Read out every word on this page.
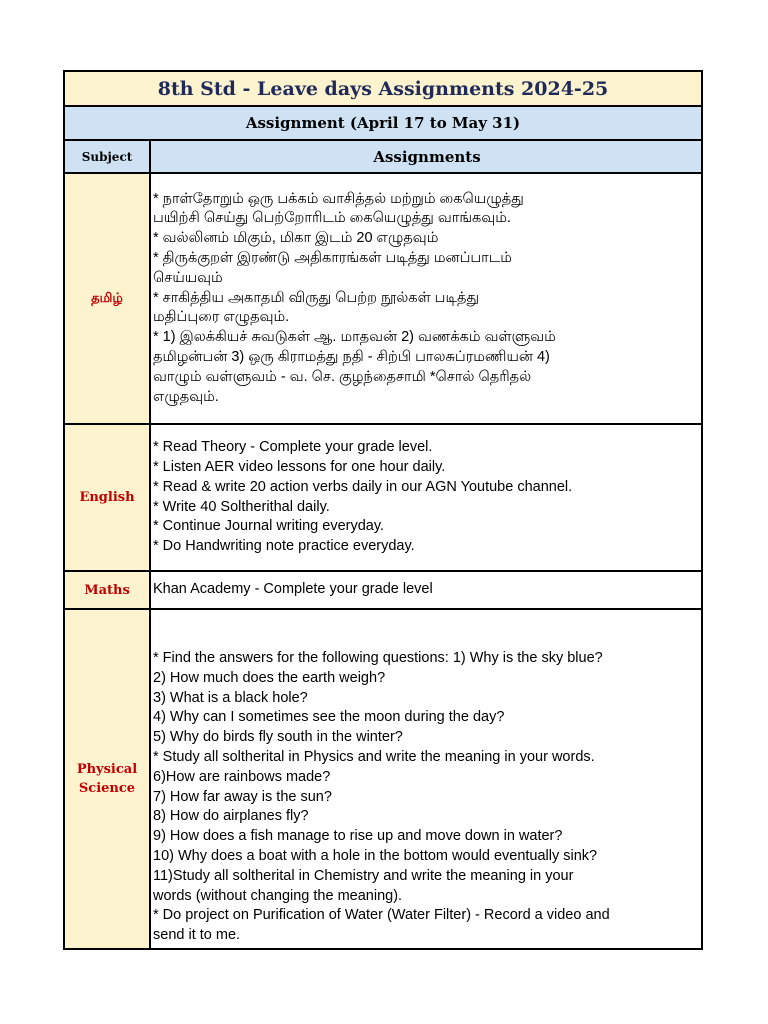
8th Std - Leave days Assignments 2024-25
Assignment (April 17 to May 31)
Subject	Assignments
தமிழ்
* நாள்தோறும் ஒரு பக்கம் வாசித்தல் மற்றும் கையெழுத்து
பயிற்சி செய்து பெற்றோரிடம் கையெழுத்து வாங்கவும்.
* வல்லினம் மிகும், மிகா இடம் 20 எழுதவும்
* திருக்குறள் இரண்டு அதிகாரங்கள் படித்து மனப்பாடம்
செய்யவும்
* சாகித்திய அகாதமி விருது பெற்ற நூல்கள் படித்து
மதிப்புரை எழுதவும்.
* 1) இலக்கியச் சுவடுகள் ஆ. மாதவன் 2) வணக்கம் வள்ளுவம்
தமிழன்பன் 3) ஒரு கிராமத்து நதி - சிற்பி பாலசுப்ரமணியன் 4)
வாழும் வள்ளுவம் - வ. செ. குழந்தைசாமி *சொல் தெரிதல்
எழுதவும்.
English
* Read Theory - Complete your grade level.
* Listen AER video lessons for one hour daily.
* Read & write 20 action verbs daily in our AGN Youtube channel.
* Write 40 Soltherithal daily.
* Continue Journal writing everyday.
* Do Handwriting note practice everyday.
Maths	Khan Academy - Complete your grade level
Physical
Science
* Find the answers for the following questions: 1) Why is the sky blue?
2) How much does the earth weigh?
3) What is a black hole?
4) Why can I sometimes see the moon during the day?
5) Why do birds fly south in the winter?
* Study all soltherital in Physics and write the meaning in your words.
6)How are rainbows made?
7) How far away is the sun?
8) How do airplanes fly?
9) How does a fish manage to rise up and move down in water?
10) Why does a boat with a hole in the bottom would eventually sink?
11)Study all soltherital in Chemistry and write the meaning in your
words (without changing the meaning).
* Do project on Purification of Water (Water Filter) - Record a video and
send it to me.
